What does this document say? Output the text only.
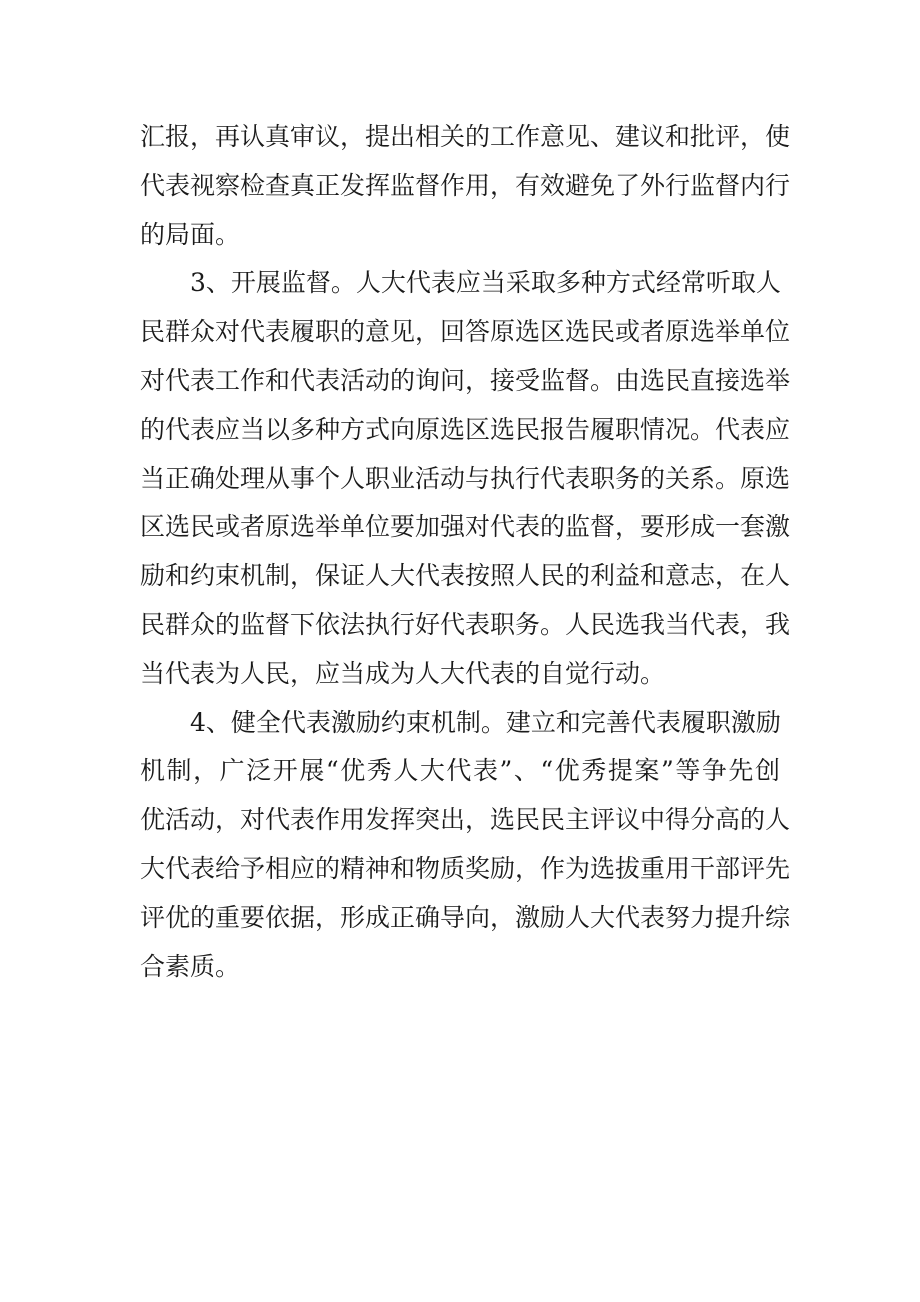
汇报，再认真审议，提出相关的工作意见、建议和批评，使
代表视察检查真正发挥监督作用，有效避免了外行监督内行
的局面。
3、开展监督。人大代表应当采取多种方式经常听取人
民群众对代表履职的意见，回答原选区选民或者原选举单位
对代表工作和代表活动的询问，接受监督。由选民直接选举
的代表应当以多种方式向原选区选民报告履职情况。代表应
当正确处理从事个人职业活动与执行代表职务的关系。原选
区选民或者原选举单位要加强对代表的监督，要形成一套激
励和约束机制，保证人大代表按照人民的利益和意志，在人
民群众的监督下依法执行好代表职务。人民选我当代表，我
当代表为人民，应当成为人大代表的自觉行动。
4、健全代表激励约束机制。建立和完善代表履职激励
机制，广泛开展“优秀人大代表”、“优秀提案”等争先创
优活动，对代表作用发挥突出，选民民主评议中得分高的人
大代表给予相应的精神和物质奖励，作为选拔重用干部评先
评优的重要依据，形成正确导向，激励人大代表努力提升综
合素质。
